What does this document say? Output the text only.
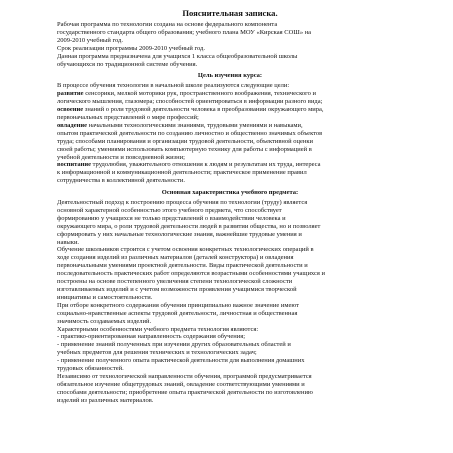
Пояснительная записка.
Рабочая программа по технологии создана на основе федерального компонента
государственного стандарта общего образования; учебного плана МОУ «Кирская СОШ» на
2009-2010 учебный год.
Срок реализации программы 2009-2010 учебный год.
Данная программа предназначена для учащихся 1 класса общеобразовательной школы
обучающихся по традиционной системе обучения.
Цель изучения курса:
В процессе обучения технологии в начальной школе реализуются следующие цели:
развитие сенсорики, мелкой моторики рук, пространственного воображения, технического и
логического мышления, глазомера; способностей ориентироваться в информации разного вида;
освоение знаний о роли трудовой деятельности человека в преобразовании окружающего мира,
первоначальных представлений о мире профессий;
овладение начальными технологическими знаниями, трудовыми умениями и навыками,
опытом практической деятельности по созданию личностно и общественно значимых объектов
труда; способами планирования и организации трудовой деятельности, объективной оценки
своей работы; умениями использовать компьютерную технику для работы с информацией в
учебной деятельности и повседневной жизни;
воспитание трудолюбия, уважительного отношения к людям и результатам их труда, интереса
к информационной и коммуникационной деятельности; практическое применение правил
сотрудничества в коллективной деятельности.
Основная характеристика учебного предмета:
Деятельностный подход к построению процесса обучения по технологии (труду) является
основной характерной особенностью этого учебного предмета, что способствует
формированию у учащихся не только представлений о взаимодействии человека и
окружающего мира, о роли трудовой деятельности людей в развитии общества, но и позволяет
сформировать у них начальные технологические знания, важнейшие трудовые умения и
навыки.
Обучение школьников строится с учетом освоения конкретных технологических операций в
ходе создания изделий из различных материалов (деталей конструктора) и овладения
первоначальными умениями проектной деятельности. Виды практической деятельности и
последовательность практических работ определяются возрастными особенностями учащихся и
построены на основе постепенного увеличения степени технологической сложности
изготавливаемых изделий и с учетом возможности проявления учащимися творческой
инициативы и самостоятельности.
При отборе конкретного содержания обучения принципиально важное значение имеют
социально-нравственные аспекты трудовой деятельности, личностная и общественная
значимость создаваемых изделий.
Характерными особенностями учебного предмета технология являются:
- практико-ориентированная направленность содержания обучения;
- применение знаний полученных при изучении других образовательных областей и
учебных предметов для решения технических и технологических задач;
- применение полученного опыта практической деятельности для выполнения домашних
трудовых обязанностей.
Независимо от технологической направленности обучения, программой предусматривается
обязательное изучение общетрудовых знаний, овладение соответствующими умениями и
способами деятельности; приобретение опыта практической деятельности по изготовлению
изделий из различных материалов.
